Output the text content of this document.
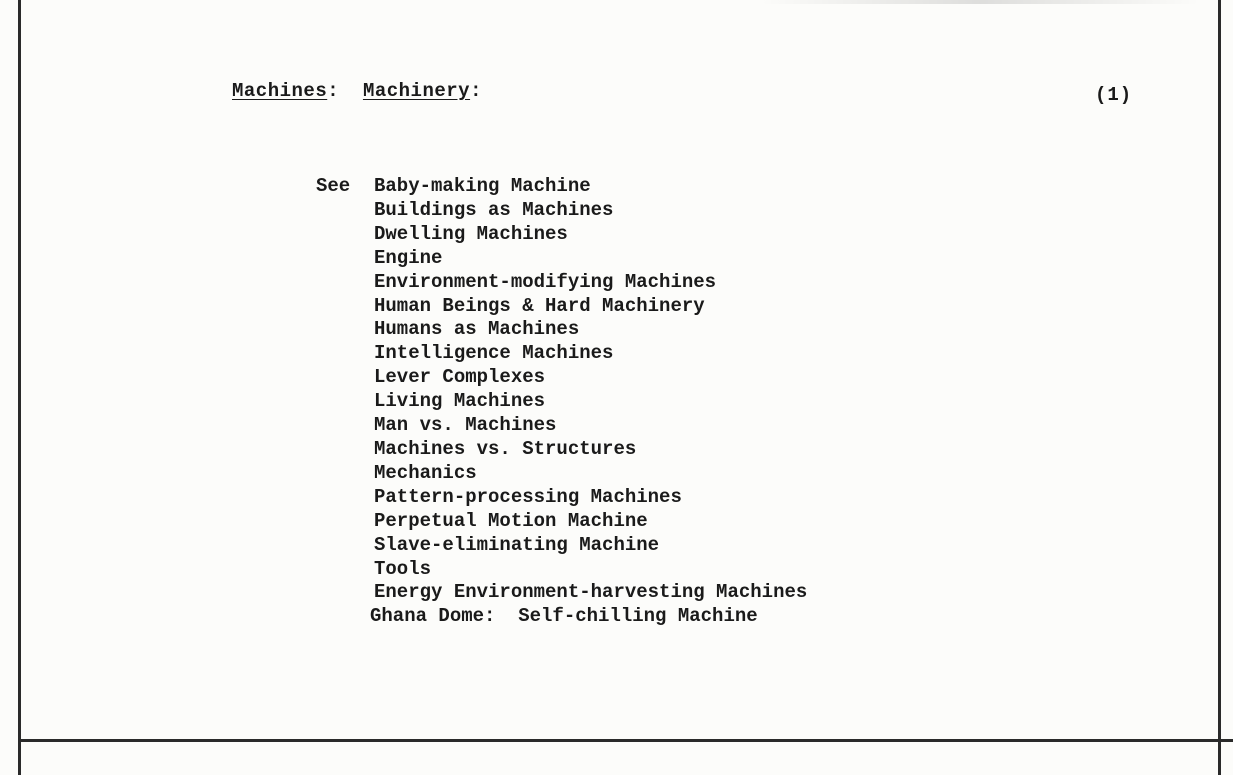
Machines: Machinery:	(1)
See Baby-making Machine
Buildings as Machines
Dwelling Machines
Engine
Environment-modifying Machines
Human Beings & Hard Machinery
Humans as Machines
Intelligence Machines
Lever Complexes
Living Machines
Man vs. Machines
Machines vs. Structures
Mechanics
Pattern-processing Machines
Perpetual Motion Machine
Slave-eliminating Machine
Tools
Energy Environment-harvesting Machines
Ghana Dome:  Self-chilling Machine
